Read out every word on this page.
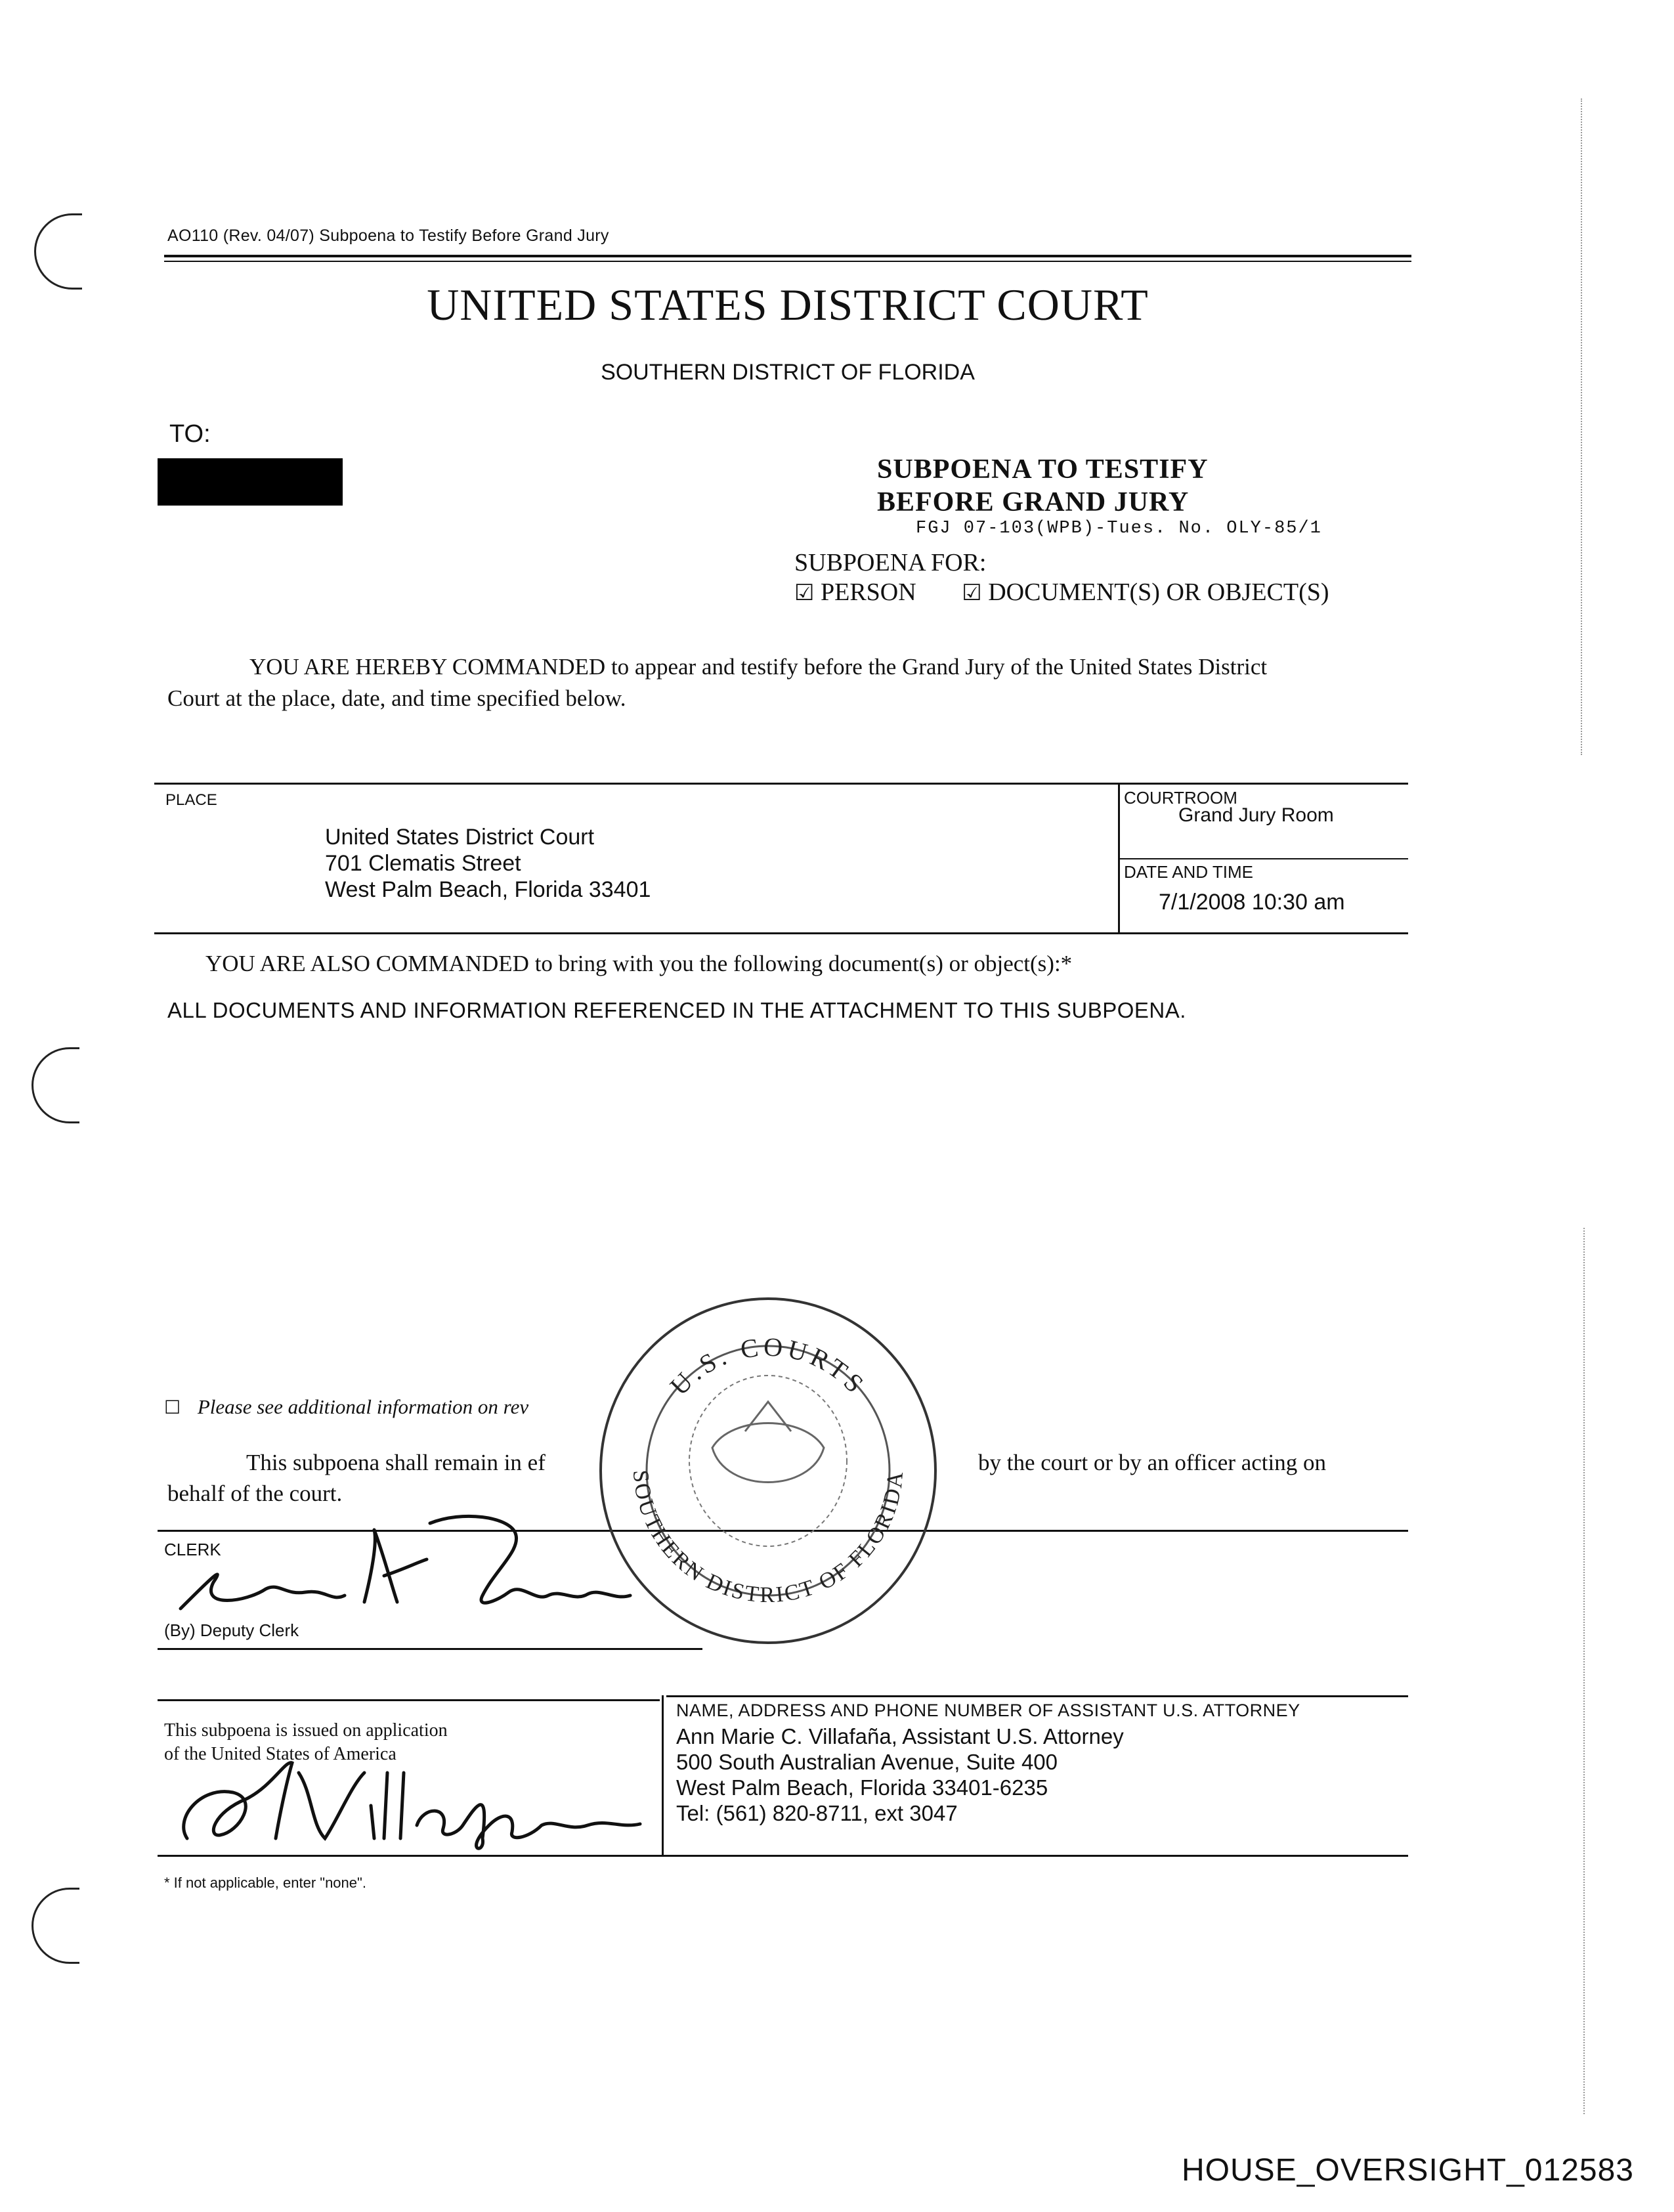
AO110 (Rev. 04/07) Subpoena to Testify Before Grand Jury
UNITED STATES DISTRICT COURT
SOUTHERN DISTRICT OF FLORIDA
TO:
SUBPOENA TO TESTIFY
BEFORE GRAND JURY
FGJ 07-103(WPB)-Tues. No. OLY-85/1
SUBPOENA FOR:
☑ PERSON ☑ DOCUMENT(S) OR OBJECT(S)
YOU ARE HEREBY COMMANDED to appear and testify before the Grand Jury of the United States District
Court at the place, date, and time specified below.
PLACE
United States District Court
701 Clematis Street
West Palm Beach, Florida 33401
COURTROOM
Grand Jury Room
DATE AND TIME
7/1/2008 10:30 am
YOU ARE ALSO COMMANDED to bring with you the following document(s) or object(s):*
ALL DOCUMENTS AND INFORMATION REFERENCED IN THE ATTACHMENT TO THIS SUBPOENA.
☐ Please see additional information on rev
This subpoena shall remain in ef	by the court or by an officer acting on
behalf of the court.
CLERK
(By) Deputy Clerk
U.S. COURTS
SOUTHERN DISTRICT OF FLORIDA
This subpoena is issued on application
of the United States of America
NAME, ADDRESS AND PHONE NUMBER OF ASSISTANT U.S. ATTORNEY
Ann Marie C. Villafaña, Assistant U.S. Attorney
500 South Australian Avenue, Suite 400
West Palm Beach, Florida 33401-6235
Tel: (561) 820-8711, ext 3047
* If not applicable, enter "none".
HOUSE_OVERSIGHT_012583
